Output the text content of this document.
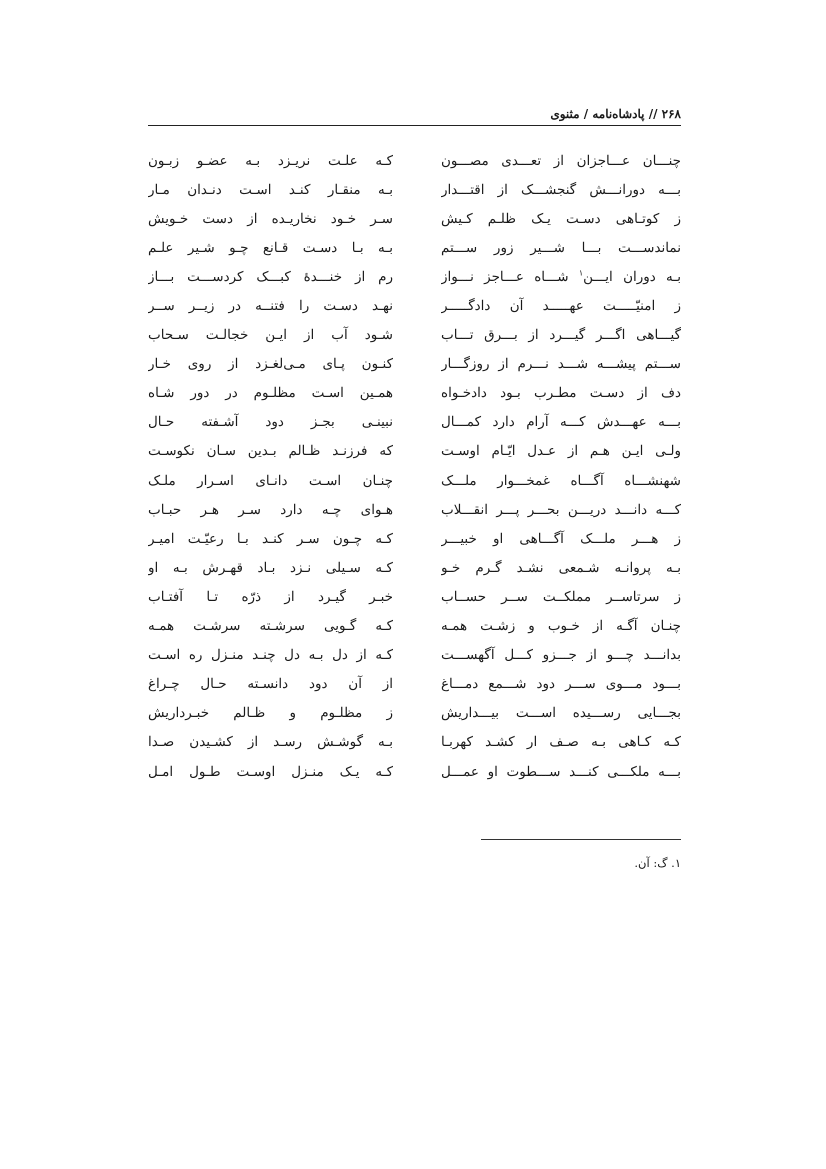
۲۶۸ // پادشاه‌نامه / مثنوی
چنـــان عـــاجزان از تعـــدی مصـــون
کـه علـت نریـزد بـه عضـو زبـون
بـــه دورانـــش گنجشـــک از اقتـــدار
بـه منقـار کنـد اسـت دنـدان مـار
ز کوتـاهی دسـت یـک ظلـم کـیش
سـر خـود نخاریـده از دست خـویش
نماندســـت بـــا شـــیر زور ســـتم
بـه بـا دسـت قـانع چـو شـیر علـم
بـه دوران ایـــن$^۱$ شـــاه عـــاجز نـــواز
رم از خنـــدهٔ کبـــک کردســـت بـــاز
ز امنیّـــــت عهـــــد آن دادگـــــر
نهـد دسـت را فتنــه در زیــر ســر
گیـــاهی اگـــر گیـــرد از بـــرق تـــاب
شـود آب از ایـن خجالـت سـحاب
ســـتم پیشـــه شـــد نـــرم از روزگـــار
کنـون پـای مـی‌لغـزد از روی خـار
دف از دسـت مطـرب بـود دادخـواه
همـین اسـت مظلـوم در دور شـاه
بـــه عهـــدش کـــه آرام دارد کمـــال
نبینـی بجـز دود آشـفته حـال
ولـی ایـن هـم از عـدل ایّـام اوسـت
که فرزنـد ظـالم بـدین سـان نکوسـت
شهنشـــاه آگـــاه غمخـــوار ملـــک
چنـان اسـت دانـای اسـرار ملـک
کـــه دانـــد دریـــن بحـــر پـــر انقـــلاب
هـوای چـه دارد سـر هـر حبـاب
ز هـــر ملـــک آگـــاهی او خبیـــر
کـه چـون سـر کنـد بـا رعیّـت امیـر
بـه پروانـه شـمعی نشـد گـرم خـو
کـه سـیلی نـزد بـاد قهـرش بـه او
ز سرتاســر مملکــت ســر حســاب
خبـر گیـرد از ذرّه تـا آفتـاب
چنـان آگـه از خـوب و زشـت همـه
کـه گـویی سرشـته سرشـت همـه
بدانـــد چـــو از جـــزو کـــل آگهســـت
کـه از دل بـه دل چنـد منـزل ره اسـت
بـــود مـــوی ســـر دود شـــمع دمـــاغ
از آن دود دانسـته حـال چـراغ
بجـــایی رســـیده اســـت بیـــداریش
ز مظلـوم و ظـالم خبـرداریش
کـه کـاهی بـه صـف ار کشـد کهربـا
بـه گوشـش رسـد از کشـیدن صـدا
بـــه ملکـــی کنـــد ســـطوت او عمـــل
کـه یـک منـزل اوسـت طـول امـل
۱. گ: آن.
